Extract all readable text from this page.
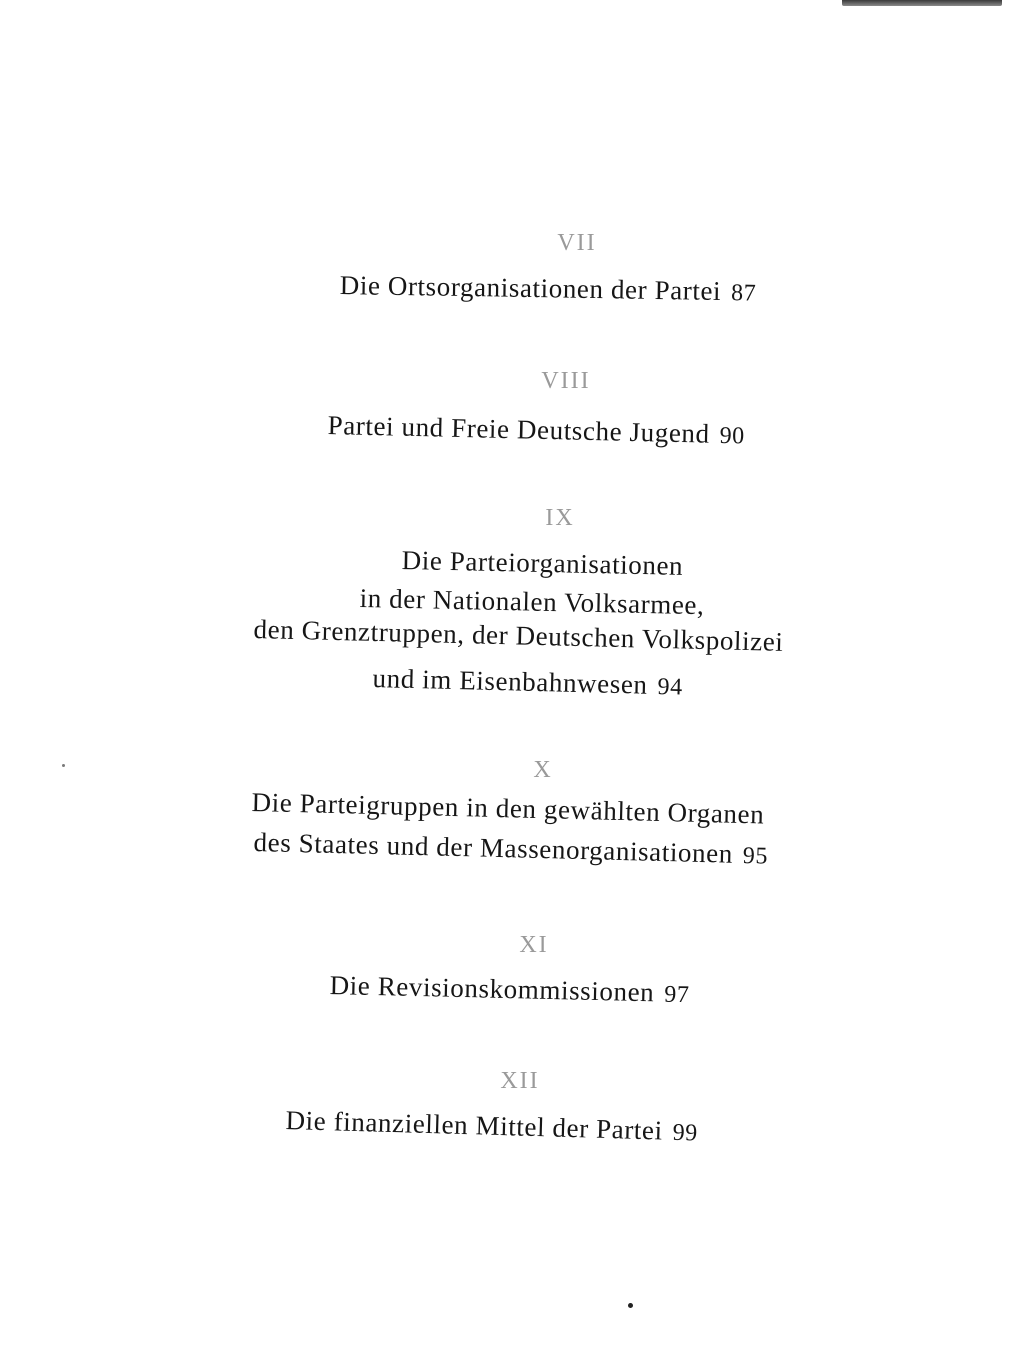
VII
Die Ortsorganisationen der Partei 87
VIII
Partei und Freie Deutsche Jugend 90
IX
Die Parteiorganisationen
in der Nationalen Volksarmee,
den Grenztruppen, der Deutschen Volkspolizei
und im Eisenbahnwesen 94
X
Die Parteigruppen in den gewählten Organen
des Staates und der Massenorganisationen 95
XI
Die Revisionskommissionen 97
XII
Die finanziellen Mittel der Partei 99
